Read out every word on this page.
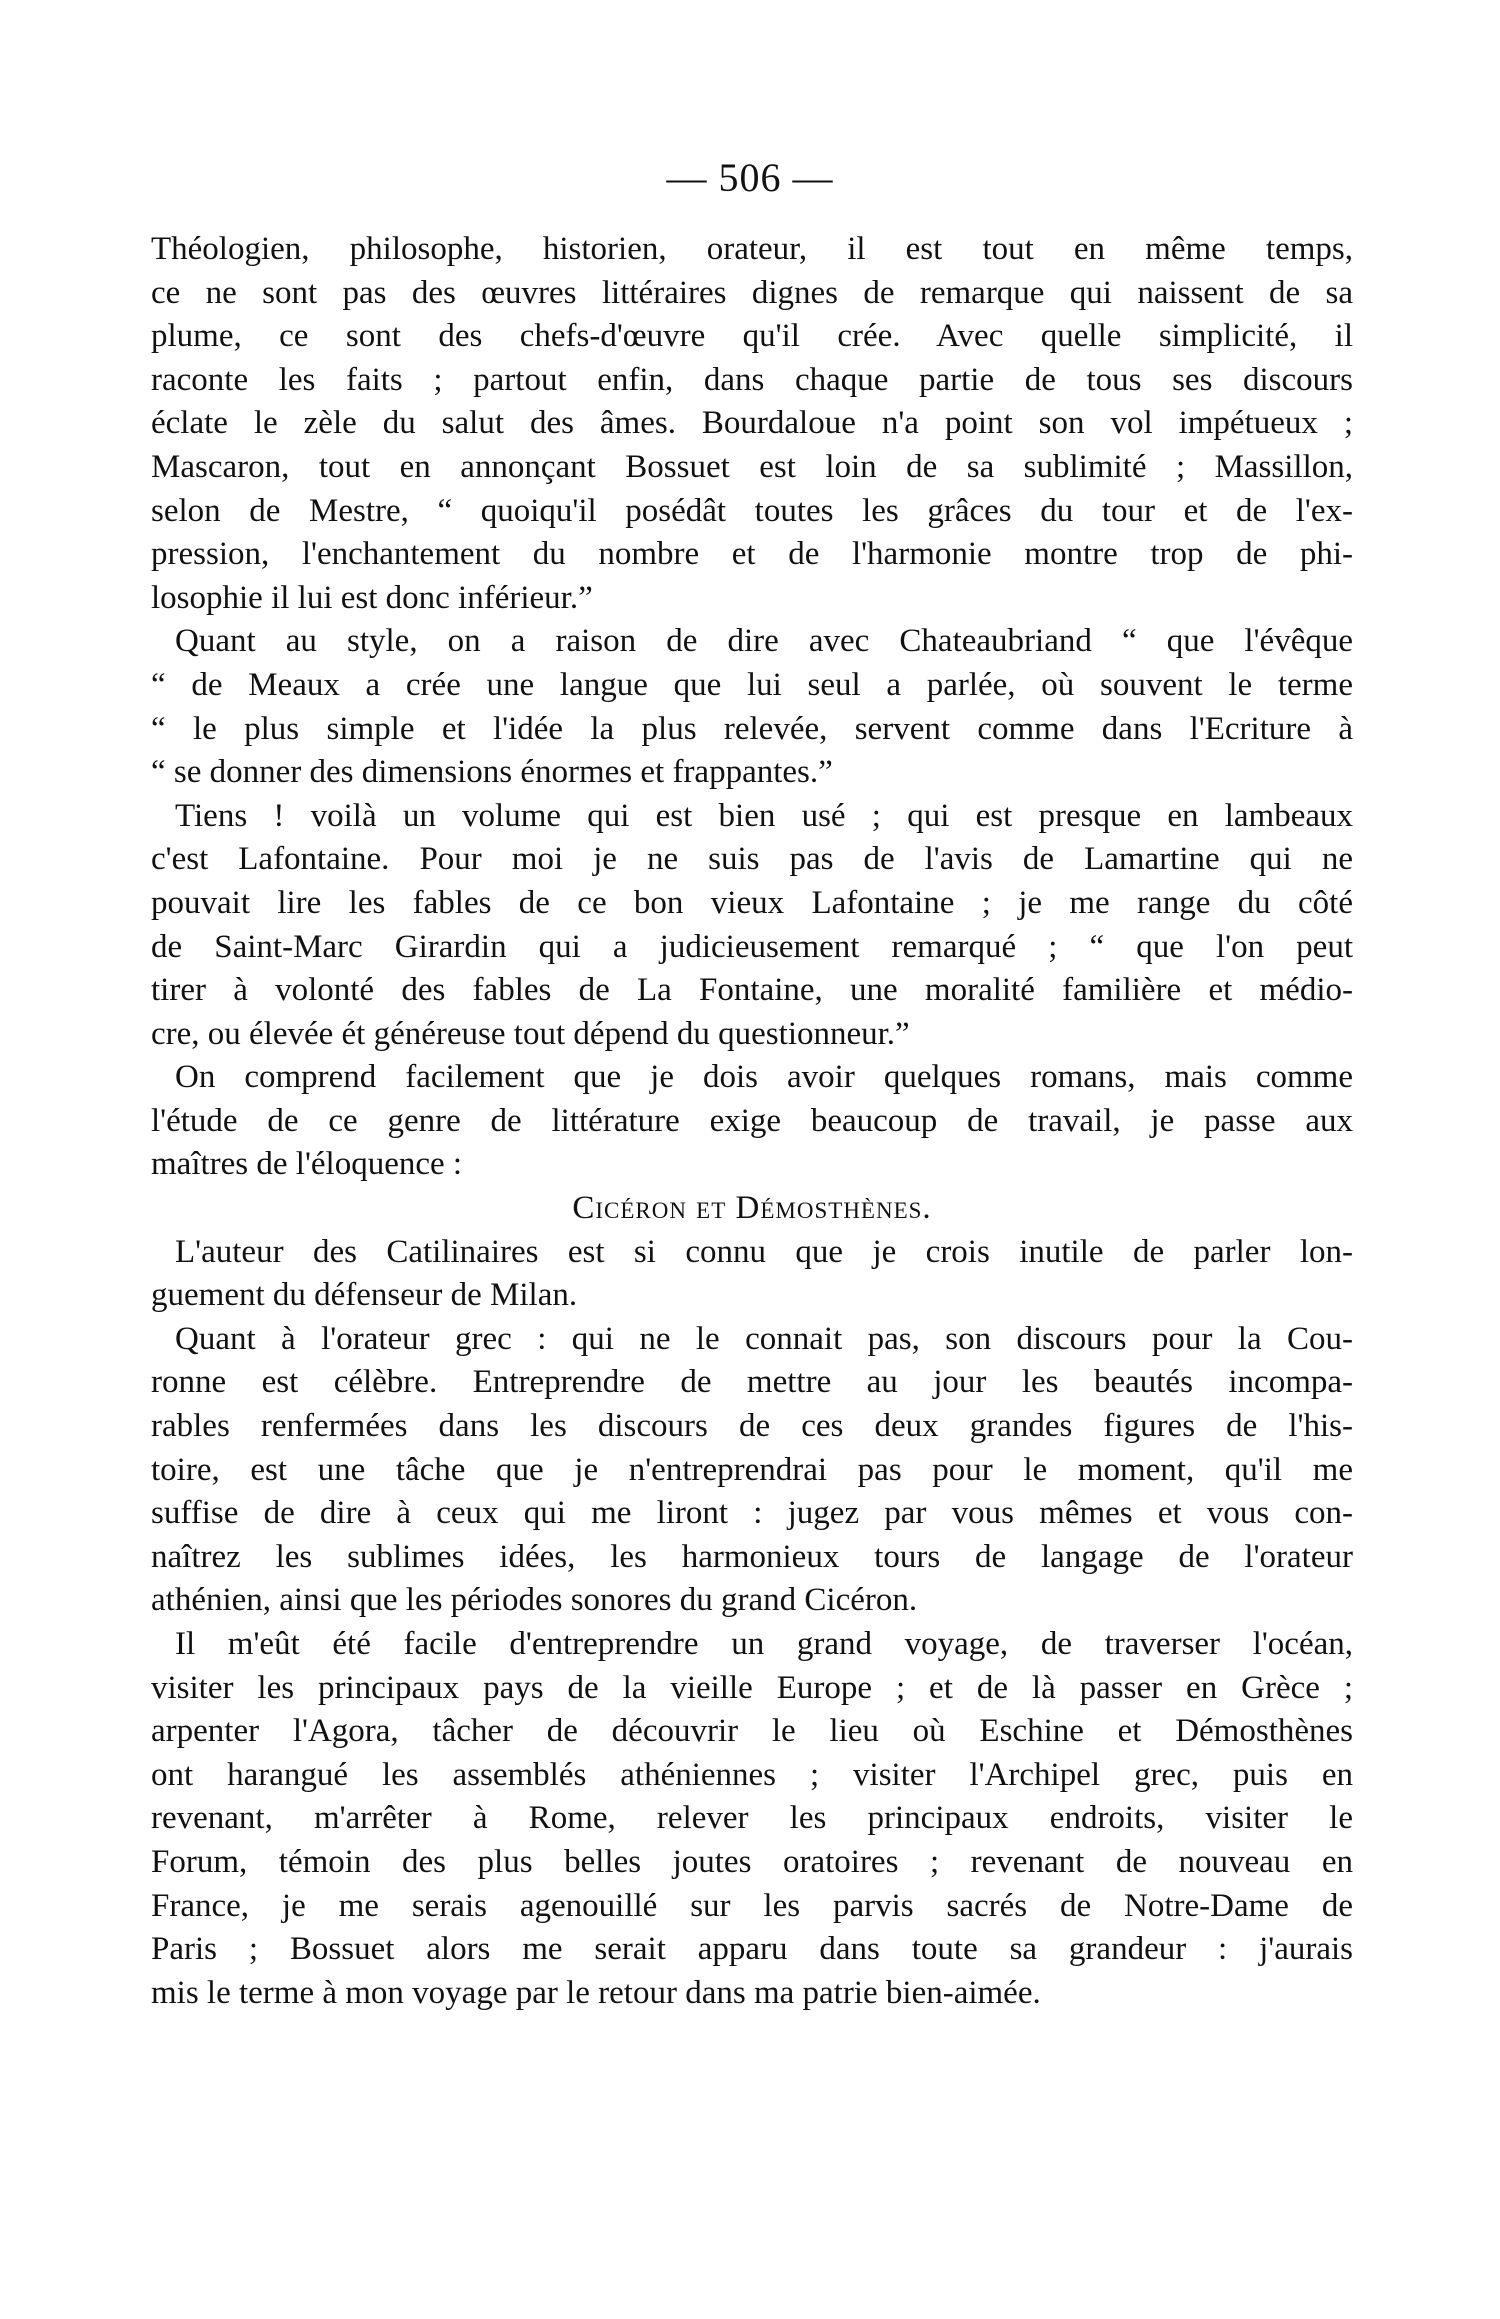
— 506 —
Théologien, philosophe, historien, orateur, il est tout en même temps,
ce ne sont pas des œuvres littéraires dignes de remarque qui naissent de sa
plume, ce sont des chefs-d'œuvre qu'il crée. Avec quelle simplicité, il
raconte les faits ; partout enfin, dans chaque partie de tous ses discours
éclate le zèle du salut des âmes. Bourdaloue n'a point son vol impétueux ;
Mascaron, tout en annonçant Bossuet est loin de sa sublimité ; Massillon,
selon de Mestre, “ quoiqu'il posédât toutes les grâces du tour et de l'ex-
pression, l'enchantement du nombre et de l'harmonie montre trop de phi-
losophie il lui est donc inférieur.”
Quant au style, on a raison de dire avec Chateaubriand “ que l'évêque
“ de Meaux a crée une langue que lui seul a parlée, où souvent le terme
“ le plus simple et l'idée la plus relevée, servent comme dans l'Ecriture à
“ se donner des dimensions énormes et frappantes.”
Tiens ! voilà un volume qui est bien usé ; qui est presque en lambeaux
c'est Lafontaine. Pour moi je ne suis pas de l'avis de Lamartine qui ne
pouvait lire les fables de ce bon vieux Lafontaine ; je me range du côté
de Saint-Marc Girardin qui a judicieusement remarqué ; “ que l'on peut
tirer à volonté des fables de La Fontaine, une moralité familière et médio-
cre, ou élevée ét généreuse tout dépend du questionneur.”
On comprend facilement que je dois avoir quelques romans, mais comme
l'étude de ce genre de littérature exige beaucoup de travail, je passe aux
maîtres de l'éloquence :
Cicéron et Démosthènes.
L'auteur des Catilinaires est si connu que je crois inutile de parler lon-
guement du défenseur de Milan.
Quant à l'orateur grec : qui ne le connait pas, son discours pour la Cou-
ronne est célèbre. Entreprendre de mettre au jour les beautés incompa-
rables renfermées dans les discours de ces deux grandes figures de l'his-
toire, est une tâche que je n'entreprendrai pas pour le moment, qu'il me
suffise de dire à ceux qui me liront : jugez par vous mêmes et vous con-
naîtrez les sublimes idées, les harmonieux tours de langage de l'orateur
athénien, ainsi que les périodes sonores du grand Cicéron.
Il m'eût été facile d'entreprendre un grand voyage, de traverser l'océan,
visiter les principaux pays de la vieille Europe ; et de là passer en Grèce ;
arpenter l'Agora, tâcher de découvrir le lieu où Eschine et Démosthènes
ont harangué les assemblés athéniennes ; visiter l'Archipel grec, puis en
revenant, m'arrêter à Rome, relever les principaux endroits, visiter le
Forum, témoin des plus belles joutes oratoires ; revenant de nouveau en
France, je me serais agenouillé sur les parvis sacrés de Notre-Dame de
Paris ; Bossuet alors me serait apparu dans toute sa grandeur : j'aurais
mis le terme à mon voyage par le retour dans ma patrie bien-aimée.
